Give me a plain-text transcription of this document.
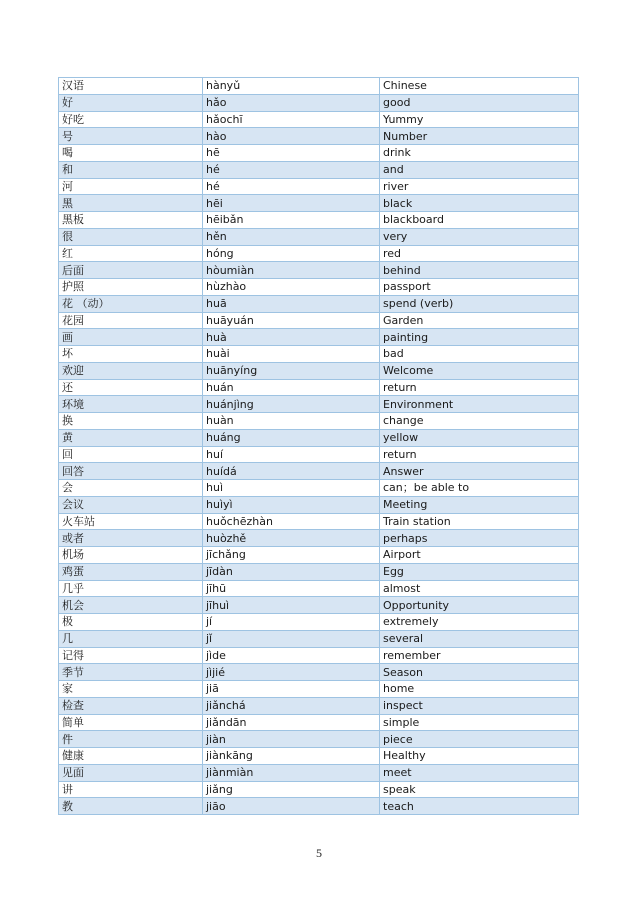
汉语	hànyǔ	Chinese
好	hǎo	good
好吃	hǎochī	Yummy
号	hào	Number
喝	hē	drink
和	hé	and
河	hé	river
黑	hēi	black
黑板	hēibǎn	blackboard
很	hěn	very
红	hóng	red
后面	hòumiàn	behind
护照	hùzhào	passport
花 （动）	huā	spend (verb)
花园	huāyuán	Garden
画	huà	painting
坏	huài	bad
欢迎	huānyíng	Welcome
还	huán	return
环境	huánjìng	Environment
换	huàn	change
黄	huáng	yellow
回	huí	return
回答	huídá	Answer
会	huì	can；be able to
会议	huìyì	Meeting
火车站	huǒchēzhàn	Train station
或者	huòzhě	perhaps
机场	jīchǎng	Airport
鸡蛋	jīdàn	Egg
几乎	jīhū	almost
机会	jīhuì	Opportunity
极	jí	extremely
几	jǐ	several
记得	jìde	remember
季节	jìjié	Season
家	jiā	home
检查	jiǎnchá	inspect
简单	jiǎndān	simple
件	jiàn	piece
健康	jiànkāng	Healthy
见面	jiànmiàn	meet
讲	jiǎng	speak
教	jiāo	teach
5
